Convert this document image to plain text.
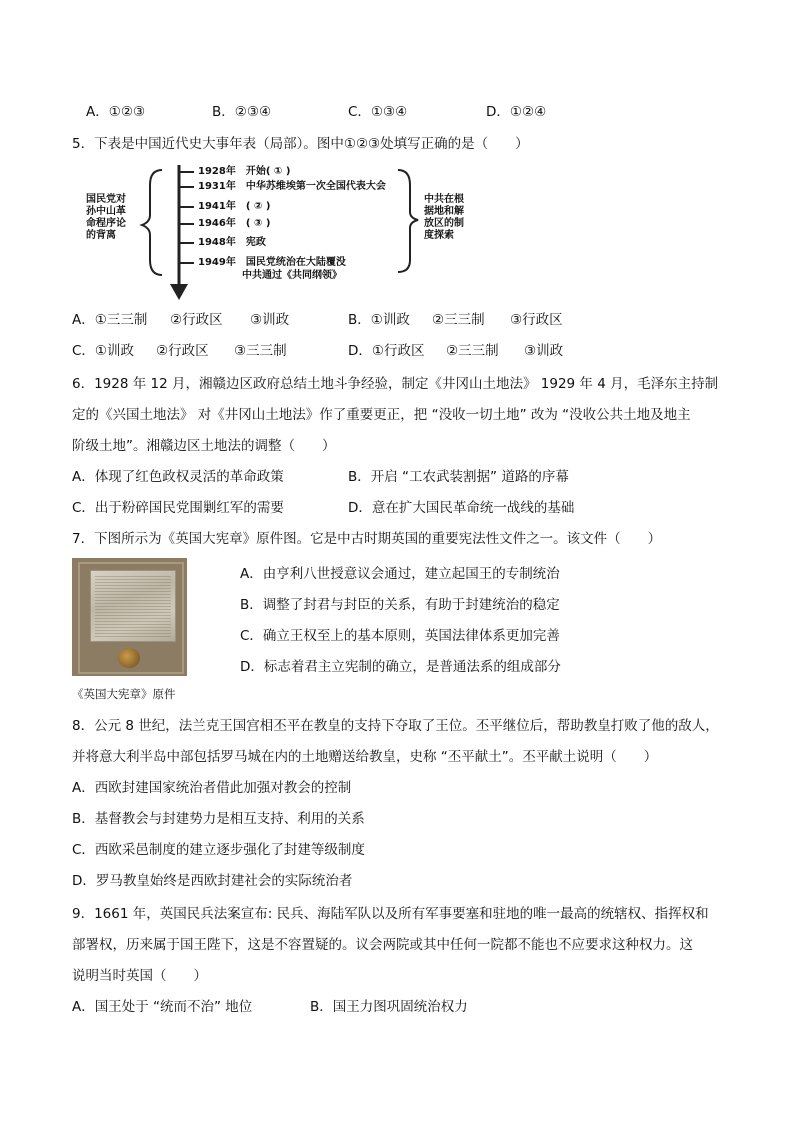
A．①②③	B．②③④	C．①③④	D．①②④
5．下表是中国近代史大事年表（局部）。图中①②③处填写正确的是（　　）
国民党对
孙中山革
命程序论
的背离
1928年　开始( ① )
1931年　中华苏维埃第一次全国代表大会
1941年　( ② )
1946年　( ③ )
1948年　宪政
1949年　国民党统治在大陆覆没
中共通过《共同纲领》
中共在根
据地和解
放区的制
度探索
A．①三三制 ②行政区 ③训政	B．①训政 ②三三制 ③行政区
C．①训政 ②行政区 ③三三制	D．①行政区 ②三三制 ③训政
6．1928 年 12 月，湘赣边区政府总结土地斗争经验，制定《井冈山土地法》 1929 年 4 月，毛泽东主持制
定的《兴国土地法》 对《井冈山土地法》作了重要更正，把 “没收一切土地” 改为 “没收公共土地及地主
阶级土地”。湘赣边区土地法的调整（　　）
A．体现了红色政权灵活的革命政策	B．开启 “工农武装割据” 道路的序幕
C．出于粉碎国民党围剿红军的需要	D．意在扩大国民革命统一战线的基础
7．下图所示为《英国大宪章》原件图。它是中古时期英国的重要宪法性文件之一。该文件（　　）
A．由亨利八世授意议会通过，建立起国王的专制统治
B．调整了封君与封臣的关系，有助于封建统治的稳定
C．确立王权至上的基本原则，英国法律体系更加完善
D．标志着君主立宪制的确立，是普通法系的组成部分
《英国大宪章》原件
8．公元 8 世纪，法兰克王国宫相丕平在教皇的支持下夺取了王位。丕平继位后，帮助教皇打败了他的敌人，
并将意大利半岛中部包括罗马城在内的土地赠送给教皇，史称 “丕平献土”。丕平献土说明（　　）
A．西欧封建国家统治者借此加强对教会的控制
B．基督教会与封建势力是相互支持、利用的关系
C．西欧采邑制度的建立逐步强化了封建等级制度
D．罗马教皇始终是西欧封建社会的实际统治者
9．1661 年，英国民兵法案宣布: 民兵、海陆军队以及所有军事要塞和驻地的唯一最高的统辖权、指挥权和
部署权，历来属于国王陛下，这是不容置疑的。议会两院或其中任何一院都不能也不应要求这种权力。这
说明当时英国（　　）
A．国王处于 “统而不治” 地位	B．国王力图巩固统治权力
